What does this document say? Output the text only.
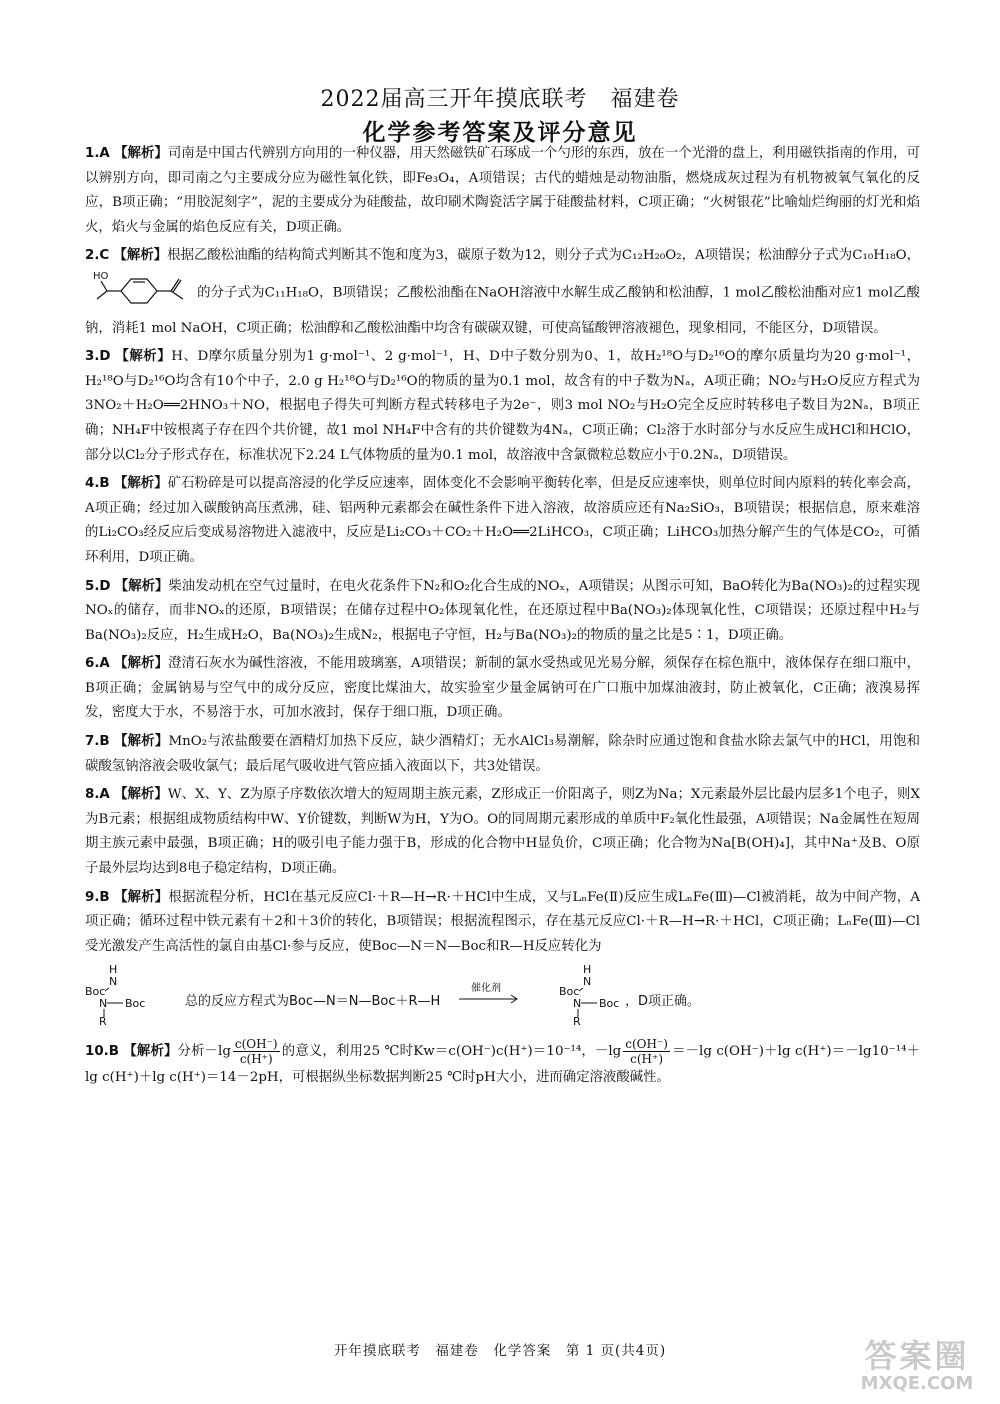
2022届高三开年摸底联考　福建卷
化学参考答案及评分意见

1.A 【解析】司南是中国古代辨别方向用的一种仪器，用天然磁铁矿石琢成一个勺形的东西，放在一个光滑的盘上，利用磁铁指南的作用，可以辨别方向，即司南之勺主要成分应为磁性氧化铁，即Fe₃O₄，A项错误；古代的蜡烛是动物油脂，燃烧成灰过程为有机物被氧气氧化的反应，B项正确；“用胶泥刻字”，泥的主要成分为硅酸盐，故印刷术陶瓷活字属于硅酸盐材料，C项正确；“火树银花”比喻灿烂绚丽的灯光和焰火，焰火与金属的焰色反应有关，D项正确。

2.C 【解析】根据乙酸松油酯的结构简式判断其不饱和度为3，碳原子数为12，则分子式为C₁₂H₂₀O₂，A项错误；松油醇分子式为C₁₀H₁₈O，
HO
的分子式为C₁₁H₁₈O，B项错误；乙酸松油酯在NaOH溶液中水解生成乙酸钠和松油醇，1 mol乙酸松油酯对应1 mol乙酸钠，消耗1 mol NaOH，C项正确；松油醇和乙酸松油酯中均含有碳碳双键，可使高锰酸钾溶液褪色，现象相同，不能区分，D项错误。

3.D 【解析】H、D摩尔质量分别为1 g·mol⁻¹、2 g·mol⁻¹，H、D中子数分别为0、1，故H₂¹⁸O与D₂¹⁶O的摩尔质量均为20 g·mol⁻¹，H₂¹⁸O与D₂¹⁶O均含有10个中子，2.0 g H₂¹⁸O与D₂¹⁶O的物质的量为0.1 mol，故含有的中子数为Nₐ，A项正确；NO₂与H₂O反应方程式为3NO₂＋H₂O══2HNO₃＋NO，根据电子得失可判断方程式转移电子为2e⁻，则3 mol NO₂与H₂O完全反应时转移电子数目为2Nₐ，B项正确；NH₄F中铵根离子存在四个共价键，故1 mol NH₄F中含有的共价键数为4Nₐ，C项正确；Cl₂溶于水时部分与水反应生成HCl和HClO，部分以Cl₂分子形式存在，标准状况下2.24 L气体物质的量为0.1 mol，故溶液中含氯微粒总数应小于0.2Nₐ，D项错误。

4.B 【解析】矿石粉碎是可以提高溶浸的化学反应速率，固体变化不会影响平衡转化率，但是反应速率快，则单位时间内原料的转化率会高，A项正确；经过加入碳酸钠高压煮沸，硅、铝两种元素都会在碱性条件下进入溶液，故溶质应还有Na₂SiO₃，B项错误；根据信息，原来难溶的Li₂CO₃经反应后变成易溶物进入滤液中，反应是Li₂CO₃＋CO₂＋H₂O══2LiHCO₃，C项正确；LiHCO₃加热分解产生的气体是CO₂，可循环利用，D项正确。

5.D 【解析】柴油发动机在空气过量时，在电火花条件下N₂和O₂化合生成的NOₓ，A项错误；从图示可知，BaO转化为Ba(NO₃)₂的过程实现NOₓ的储存，而非NOₓ的还原，B项错误；在储存过程中O₂体现氧化性，在还原过程中Ba(NO₃)₂体现氧化性，C项错误；还原过程中H₂与Ba(NO₃)₂反应，H₂生成H₂O，Ba(NO₃)₂生成N₂，根据电子守恒，H₂与Ba(NO₃)₂的物质的量之比是5∶1，D项正确。

6.A 【解析】澄清石灰水为碱性溶液，不能用玻璃塞，A项错误；新制的氯水受热或见光易分解，须保存在棕色瓶中，液体保存在细口瓶中，B项正确；金属钠易与空气中的成分反应，密度比煤油大，故实验室少量金属钠可在广口瓶中加煤油液封，防止被氧化，C正确；液溴易挥发，密度大于水，不易溶于水，可加水液封，保存于细口瓶，D项正确。

7.B 【解析】MnO₂与浓盐酸要在酒精灯加热下反应，缺少酒精灯；无水AlCl₃易潮解，除杂时应通过饱和食盐水除去氯气中的HCl，用饱和碳酸氢钠溶液会吸收氯气；最后尾气吸收进气管应插入液面以下，共3处错误。

8.A 【解析】W、X、Y、Z为原子序数依次增大的短周期主族元素，Z形成正一价阳离子，则Z为Na；X元素最外层比最内层多1个电子，则X为B元素；根据组成物质结构中W、Y价键数，判断W为H，Y为O。O的同周期元素形成的单质中F₂氧化性最强，A项错误；Na金属性在短周期主族元素中最强，B项正确；H的吸引电子能力强于B，形成的化合物中H显负价，C项正确；化合物为Na[B(OH)₄]，其中Na⁺及B、O原子最外层均达到8电子稳定结构，D项正确。

9.B 【解析】根据流程分析，HCl在基元反应Cl·＋R—H→R·＋HCl中生成，又与LₙFe(Ⅱ)反应生成LₙFe(Ⅲ)—Cl被消耗，故为中间产物，A项正确；循环过程中铁元素有＋2和＋3价的转化，B项错误；根据流程图示，存在基元反应Cl·＋R—H→R·＋HCl，C项正确；LₙFe(Ⅲ)—Cl受光激发产生高活性的氯自由基Cl·参与反应，使Boc—N＝N—Boc和R—H反应转化为

H
N
Boc
N Boc
R
总的反应方程式为Boc—N＝N—Boc＋R—H
催化剂
H
N
Boc
N Boc
R
，D项正确。

10.B 【解析】分析$-\lg \frac{c(OH^-)}{c(H^+)}$ 的意义，利用25 ℃时Kw＝c(OH⁻)c(H⁺)＝10⁻¹⁴，$-\lg \frac{c(OH^-)}{c(H^+)} =-\lg$ c(OH⁻)＋lg c(H⁺)＝－lg10⁻¹⁴＋lg c(H⁺)＋lg c(H⁺)＝14－2pH，可根据纵坐标数据判断25 ℃时pH大小，进而确定溶液酸碱性。

开年摸底联考　福建卷　化学答案　第 1 页(共4页)	答案圈
MXQE.COM
